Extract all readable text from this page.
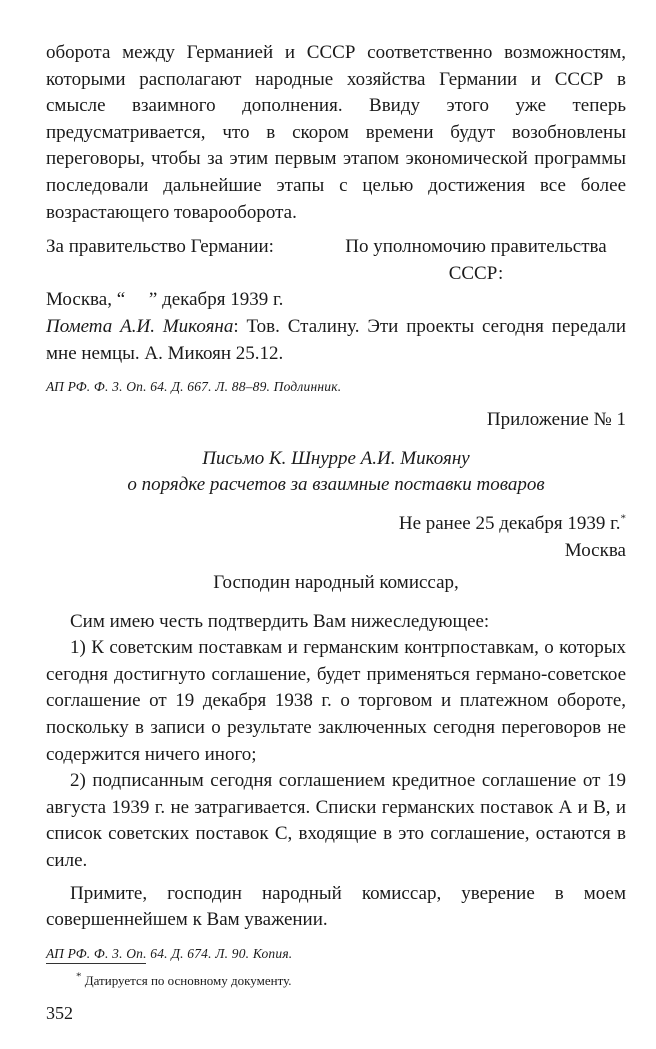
оборота между Германией и СССР соответственно возможностям, которыми располагают народные хозяйства Германии и СССР в смысле взаимного дополнения. Ввиду этого уже теперь предусматривается, что в скором времени будут возобновлены переговоры, чтобы за этим первым этапом экономической программы последовали дальнейшие этапы с целью достижения все более возрастающего товарооборота.

За правительство Германии:	По уполномочию правительства СССР:

Москва, “     ” декабря 1939 г.

Помета А.И. Микояна: Тов. Сталину. Эти проекты сегодня передали мне немцы. А. Микоян 25.12.

АП РФ. Ф. 3. Оп. 64. Д. 667. Л. 88–89. Подлинник.

Приложение № 1

Письмо К. Шнурре А.И. Микояну
о порядке расчетов за взаимные поставки товаров

Не ранее 25 декабря 1939 г.*

Москва

Господин народный комиссар,

Сим имею честь подтвердить Вам нижеследующее:

1) К советским поставкам и германским контрпоставкам, о которых сегодня достигнуто соглашение, будет применяться германо-советское соглашение от 19 декабря 1938 г. о торговом и платежном обороте, поскольку в записи о результате заключенных сегодня переговоров не содержится ничего иного;

2) подписанным сегодня соглашением кредитное соглашение от 19 августа 1939 г. не затрагивается. Списки германских поставок А и В, и список советских поставок С, входящие в это соглашение, остаются в силе.

Примите, господин народный комиссар, уверение в моем совершеннейшем к Вам уважении.

АП РФ. Ф. 3. Оп. 64. Д. 674. Л. 90. Копия.

* Датируется по основному документу.
352
